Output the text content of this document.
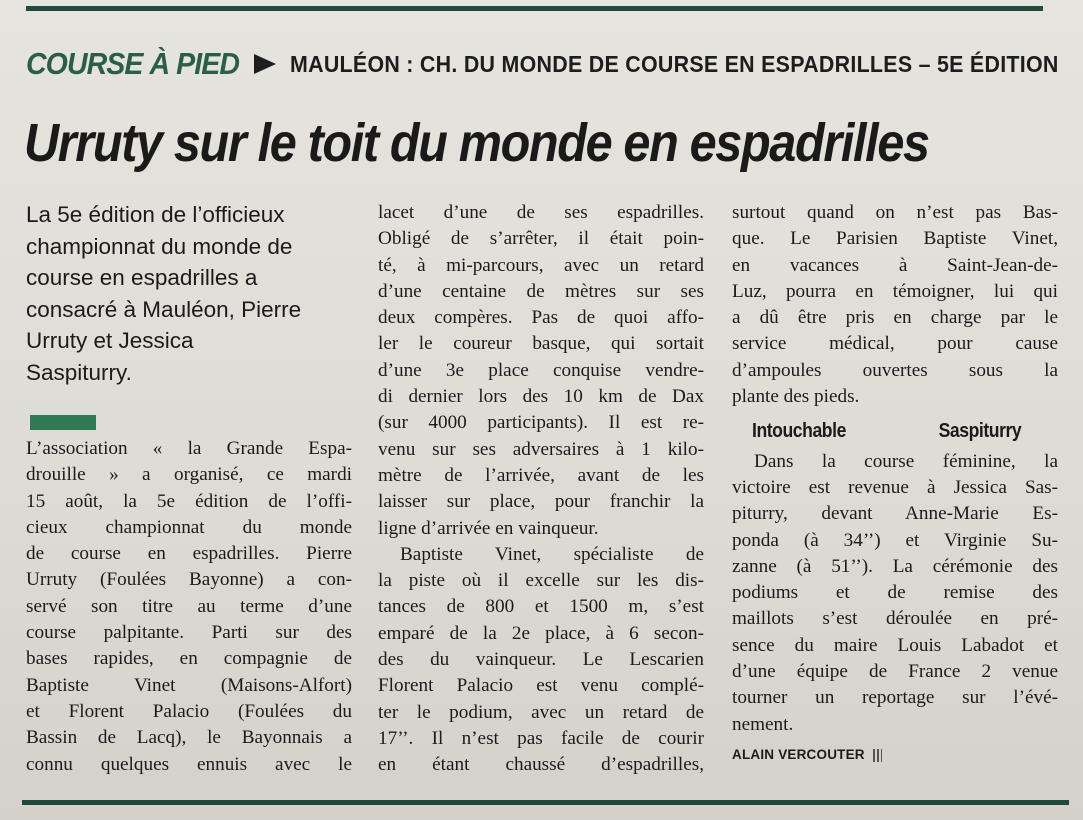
COURSE À PIED MAULÉON : CH. DU MONDE DE COURSE EN ESPADRILLES – 5E ÉDITION
Urruty sur le toit du monde en espadrilles

La 5e édition de l’officieux
championnat du monde de
course en espadrilles a
consacré à Mauléon, Pierre
Urruty et Jessica
Saspiturry.

L’association « la Grande Espa-
drouille » a organisé, ce mardi
15 août, la 5e édition de l’offi-
cieux championnat du monde
de course en espadrilles. Pierre
Urruty (Foulées Bayonne) a con-
servé son titre au terme d’une
course palpitante. Parti sur des
bases rapides, en compagnie de
Baptiste Vinet (Maisons-Alfort)
et Florent Palacio (Foulées du
Bassin de Lacq), le Bayonnais a
connu quelques ennuis avec le
lacet d’une de ses espadrilles.
Obligé de s’arrêter, il était poin-
té, à mi-parcours, avec un retard
d’une centaine de mètres sur ses
deux compères. Pas de quoi affo-
ler le coureur basque, qui sortait
d’une 3e place conquise vendre-
di dernier lors des 10 km de Dax
(sur 4000 participants). Il est re-
venu sur ses adversaires à 1 kilo-
mètre de l’arrivée, avant de les
laisser sur place, pour franchir la
ligne d’arrivée en vainqueur.
Baptiste Vinet, spécialiste de
la piste où il excelle sur les dis-
tances de 800 et 1500 m, s’est
emparé de la 2e place, à 6 secon-
des du vainqueur. Le Lescarien
Florent Palacio est venu complé-
ter le podium, avec un retard de
17’’. Il n’est pas facile de courir
en étant chaussé d’espadrilles,
surtout quand on n’est pas Bas-
que. Le Parisien Baptiste Vinet,
en vacances à Saint-Jean-de-
Luz, pourra en témoigner, lui qui
a dû être pris en charge par le
service médical, pour cause
d’ampoules ouvertes sous la
plante des pieds.
Intouchable Saspiturry
Dans la course féminine, la
victoire est revenue à Jessica Sas-
piturry, devant Anne-Marie Es-
ponda (à 34’’) et Virginie Su-
zanne (à 51’’). La cérémonie des
podiums et de remise des
maillots s’est déroulée en pré-
sence du maire Louis Labadot et
d’une équipe de France 2 venue
tourner un reportage sur l’évé-
nement.
ALAIN VERCOUTER
